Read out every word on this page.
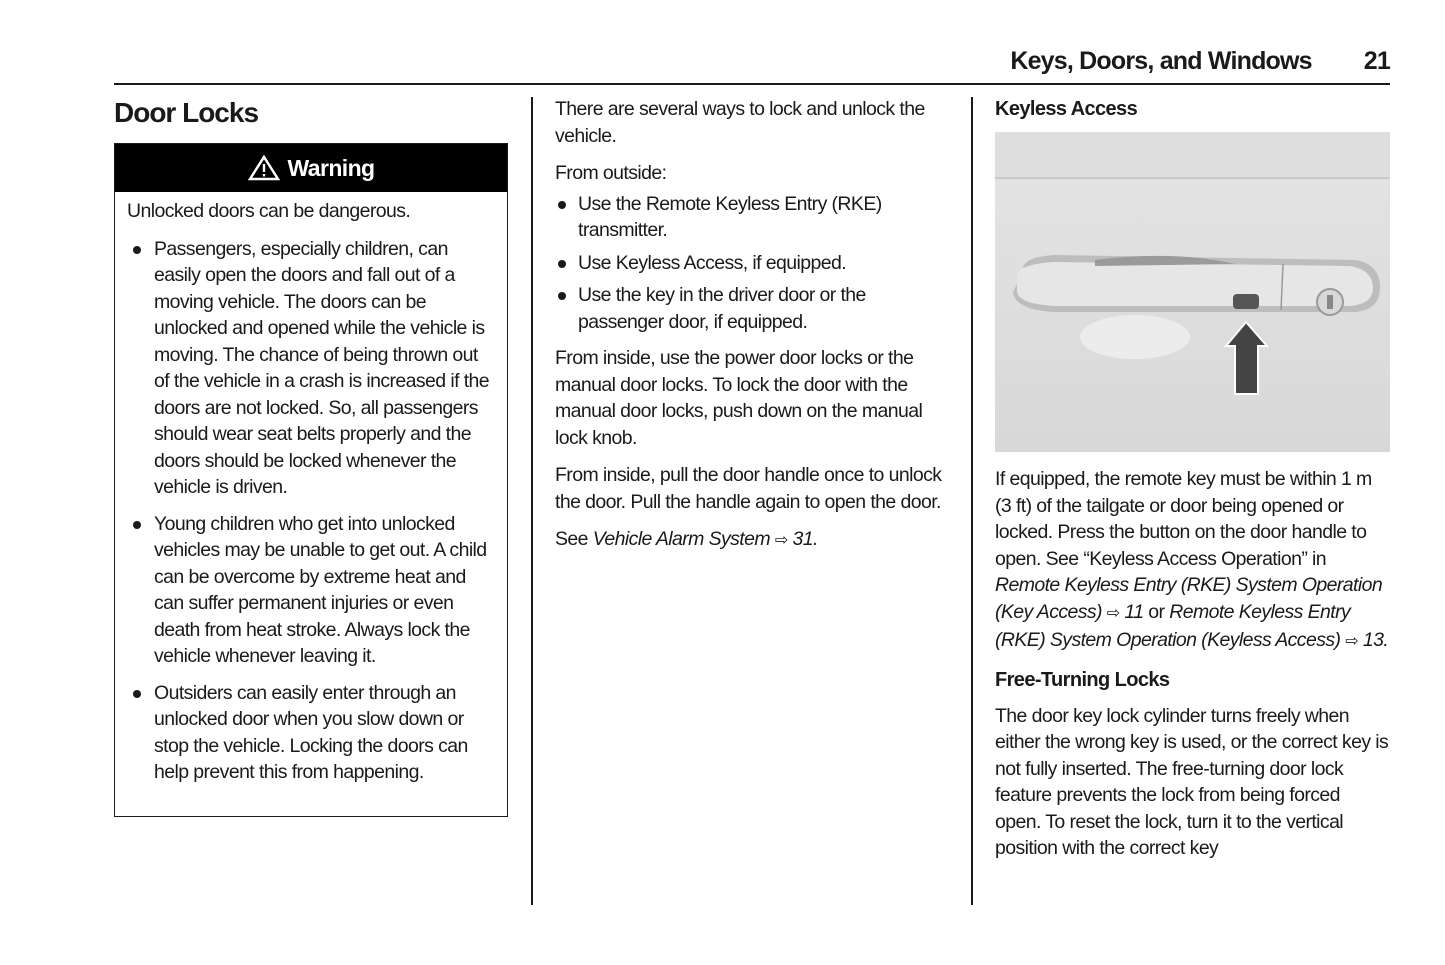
Keys, Doors, and Windows 21
Door Locks
Warning

Unlocked doors can be dangerous.

Passengers, especially children, can easily open the doors and fall out of a moving vehicle. The doors can be unlocked and opened while the vehicle is moving. The chance of being thrown out of the vehicle in a crash is increased if the doors are not locked. So, all passengers should wear seat belts properly and the doors should be locked whenever the vehicle is driven.
Young children who get into unlocked vehicles may be unable to get out. A child can be overcome by extreme heat and can suffer permanent injuries or even death from heat stroke. Always lock the vehicle whenever leaving it.
Outsiders can easily enter through an unlocked door when you slow down or stop the vehicle. Locking the doors can help prevent this from happening.

There are several ways to lock and unlock the vehicle.

From outside:

Use the Remote Keyless Entry (RKE) transmitter.
Use Keyless Access, if equipped.
Use the key in the driver door or the passenger door, if equipped.

From inside, use the power door locks or the manual door locks. To lock the door with the manual door locks, push down on the manual lock knob.

From inside, pull the door handle once to unlock the door. Pull the handle again to open the door.

See Vehicle Alarm System ⇨ 31.

Keyless Access

If equipped, the remote key must be within 1 m (3 ft) of the tailgate or door being opened or locked. Press the button on the door handle to open. See “Keyless Access Operation” in Remote Keyless Entry (RKE) System Operation (Key Access) ⇨ 11 or Remote Keyless Entry (RKE) System Operation (Keyless Access) ⇨ 13.

Free-Turning Locks

The door key lock cylinder turns freely when either the wrong key is used, or the correct key is not fully inserted. The free-turning door lock feature prevents the lock from being forced open. To reset the lock, turn it to the vertical position with the correct key
